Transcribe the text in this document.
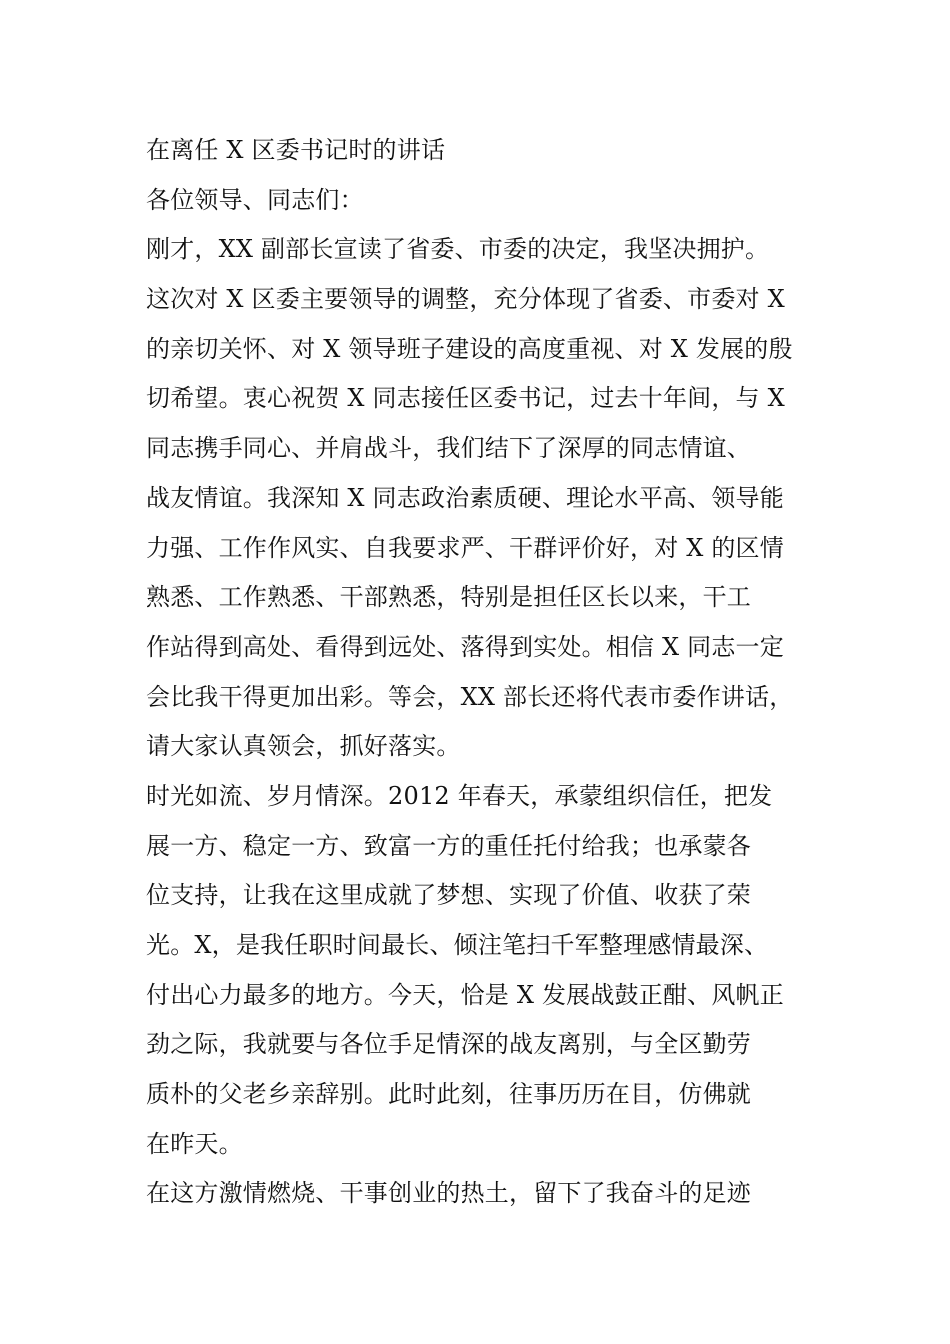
在离任 X 区委书记时的讲话
各位领导、同志们：
刚才，XX 副部长宣读了省委、市委的决定，我坚决拥护。
这次对 X 区委主要领导的调整，充分体现了省委、市委对 X
的亲切关怀、对 X 领导班子建设的高度重视、对 X 发展的殷
切希望。衷心祝贺 X 同志接任区委书记，过去十年间，与 X
同志携手同心、并肩战斗，我们结下了深厚的同志情谊、
战友情谊。我深知 X 同志政治素质硬、理论水平高、领导能
力强、工作作风实、自我要求严、干群评价好，对 X 的区情
熟悉、工作熟悉、干部熟悉，特别是担任区长以来，干工
作站得到高处、看得到远处、落得到实处。相信 X 同志一定
会比我干得更加出彩。等会，XX 部长还将代表市委作讲话，
请大家认真领会，抓好落实。
时光如流、岁月情深。2012 年春天，承蒙组织信任，把发
展一方、稳定一方、致富一方的重任托付给我；也承蒙各
位支持，让我在这里成就了梦想、实现了价值、收获了荣
光。X，是我任职时间最长、倾注笔扫千军整理感情最深、
付出心力最多的地方。今天，恰是 X 发展战鼓正酣、风帆正
劲之际，我就要与各位手足情深的战友离别，与全区勤劳
质朴的父老乡亲辞别。此时此刻，往事历历在目，仿佛就
在昨天。
在这方激情燃烧、干事创业的热土，留下了我奋斗的足迹
